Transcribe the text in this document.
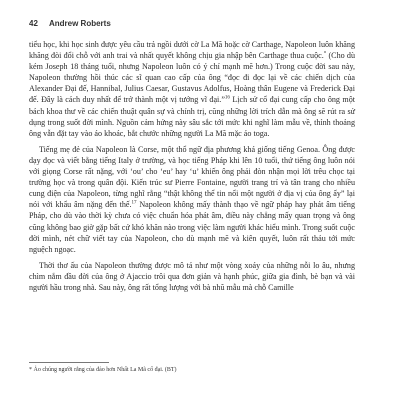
42 Andrew Roberts

tiểu học, khi học sinh được yêu cầu trả ngồi dưới cờ La Mã hoặc cờ Carthage, Napoleon luôn khăng khăng đòi đổi chỗ với anh trai và nhất quyết không chịu gia nhập bên Carthage thua cuộc.* (Cho dù kém Joseph 18 tháng tuổi, nhưng Napoleon luôn có ý chí mạnh mẽ hơn.) Trong cuộc đời sau này, Napoleon thường hồi thúc các sĩ quan cao cấp của ông “đọc đi đọc lại về các chiến dịch của Alexander Đại đế, Hannibal, Julius Caesar, Gustavus Adolfus, Hoàng thân Eugene và Frederick Đại đế. Đây là cách duy nhất để trở thành một vị tướng vĩ đại.”$^{16}$ Lịch sử cổ đại cung cấp cho ông một bách khoa thư về các chiến thuật quân sự và chính trị, cũng những lời trích dẫn mà ông sẽ rút ra sử dụng trong suốt đời mình. Nguồn cảm hứng này sâu sắc tới mức khi nghĩ làm mẫu về, thỉnh thoảng ông vẫn đặt tay vào áo khoác, bắt chước những người La Mã mặc áo toga.

Tiếng mẹ đẻ của Napoleon là Corse, một thổ ngữ địa phương khá giống tiếng Genoa. Ông được dạy đọc và viết bằng tiếng Italy ở trường, và học tiếng Pháp khi lên 10 tuổi, thứ tiếng ông luôn nói với giọng Corse rất nặng, với ‘ou’ cho ‘eu’ hay ‘u’ khiến ông phải đòn nhận mọi lời trêu chọc tại trường học và trong quân đội. Kiến trúc sư Pierre Fontaine, người trang trí và tân trang cho nhiều cung điện của Napoleon, từng nghĩ rằng “thật không thể tin nổi một người ở địa vị của ông ấy” lại nói với khẩu âm nặng đến thế.$^{17}$ Napoleon không mấy thành thạo về ngữ pháp hay phát âm tiếng Pháp, cho dù vào thời kỳ chưa có việc chuẩn hóa phát âm, điều này chẳng mấy quan trọng và ông cũng không bao giờ gặp bất cứ khó khăn nào trong việc làm người khác hiểu mình. Trong suốt cuộc đời mình, nét chữ viết tay của Napoleon, cho dù mạnh mẽ và kiên quyết, luôn rất thảu tới mức nguệch ngoạc.

Thời thơ ấu của Napoleon thường được mô tả như một vòng xoáy của những nỗi lo âu, nhưng chìm nắm đầu đời của ông ở Ajaccio trôi qua đơn giản và hạnh phúc, giữa gia đình, bè bạn và vài người hầu trong nhà. Sau này, ông rất tổng lượng với bà nhũ mẫu mà chỗ Camille

* Ảo chúng người rằng của đảo hơn Nhất La Mã cổ đại. (BT)
